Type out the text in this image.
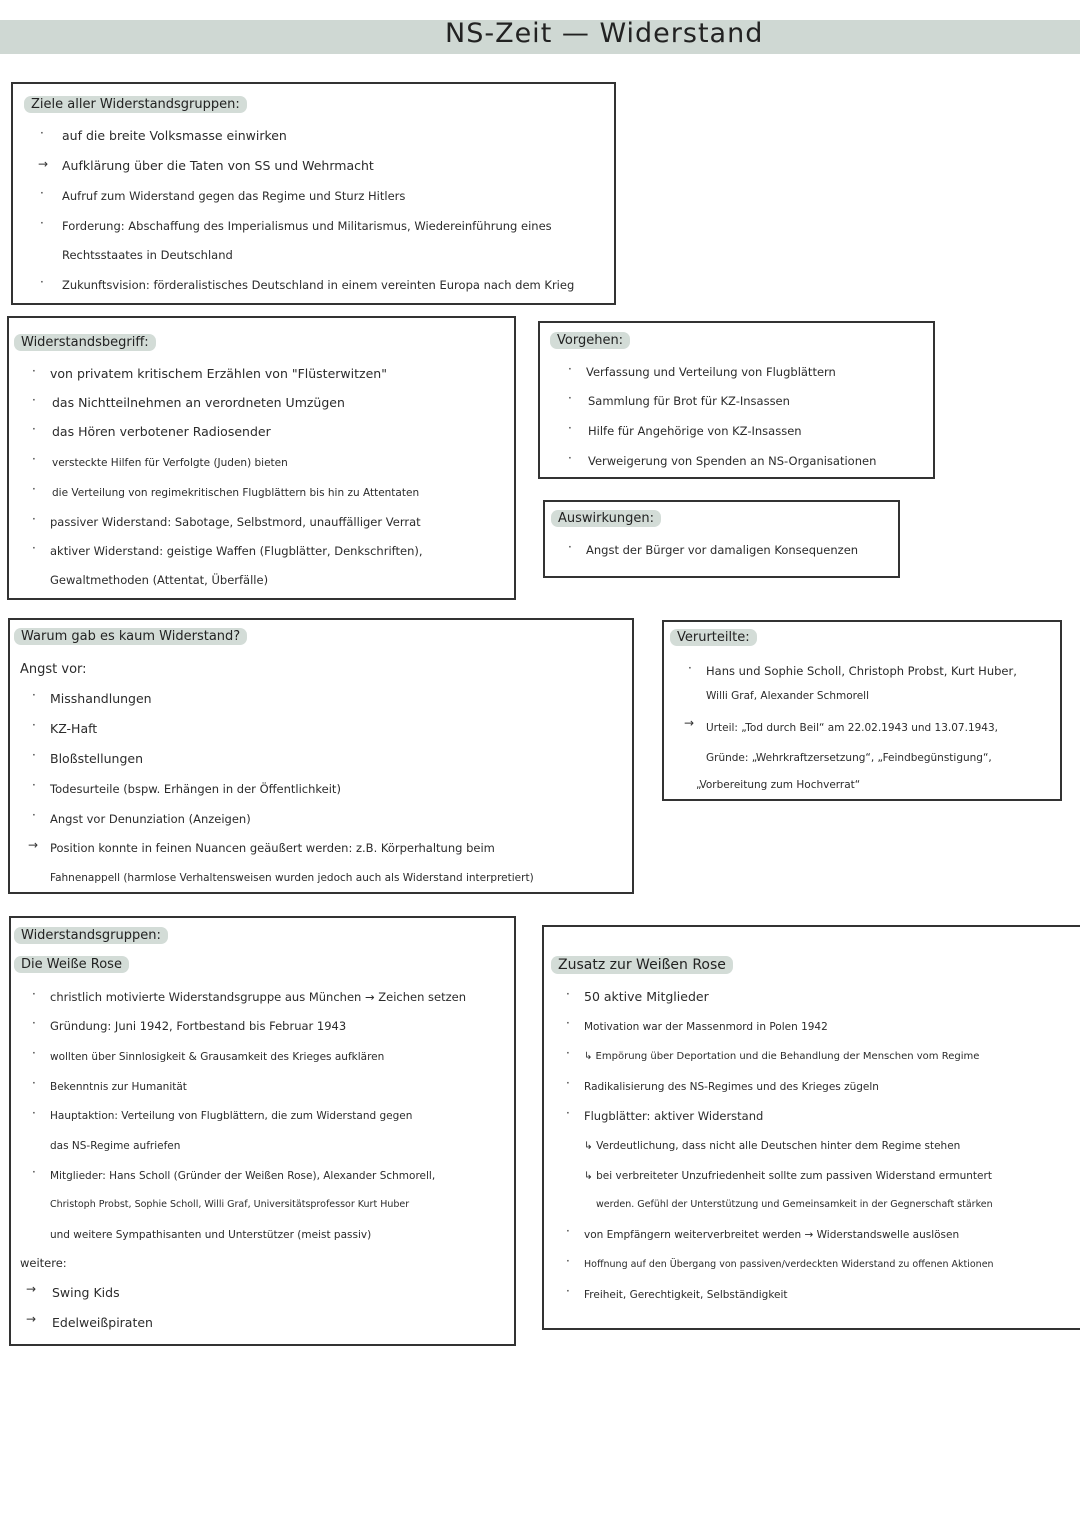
NS-Zeit — Widerstand
Ziele aller Widerstandsgruppen:
· auf die breite Volksmasse einwirken
→ Aufklärung über die Taten von SS und Wehrmacht
· Aufruf zum Widerstand gegen das Regime und Sturz Hitlers
· Forderung: Abschaffung des Imperialismus und Militarismus, Wiedereinführung eines
Rechtsstaates in Deutschland
· Zukunftsvision: förderalistisches Deutschland in einem vereinten Europa nach dem Krieg
Widerstandsbegriff:
· von privatem kritischem Erzählen von "Flüsterwitzen"
· das Nichtteilnehmen an verordneten Umzügen
· das Hören verbotener Radiosender
· versteckte Hilfen für Verfolgte (Juden) bieten
· die Verteilung von regimekritischen Flugblättern bis hin zu Attentaten
· passiver Widerstand: Sabotage, Selbstmord, unauffälliger Verrat
· aktiver Widerstand: geistige Waffen (Flugblätter, Denkschriften),
Gewaltmethoden (Attentat, Überfälle)
Vorgehen:
· Verfassung und Verteilung von Flugblättern
· Sammlung für Brot für KZ-Insassen
· Hilfe für Angehörige von KZ-Insassen
· Verweigerung von Spenden an NS-Organisationen
Auswirkungen:
· Angst der Bürger vor damaligen Konsequenzen
Warum gab es kaum Widerstand?
Angst vor:
· Misshandlungen
· KZ-Haft
· Bloßstellungen
· Todesurteile (bspw. Erhängen in der Öffentlichkeit)
· Angst vor Denunziation (Anzeigen)
→ Position konnte in feinen Nuancen geäußert werden: z.B. Körperhaltung beim
Fahnenappell (harmlose Verhaltensweisen wurden jedoch auch als Widerstand interpretiert)
Verurteilte:
· Hans und Sophie Scholl, Christoph Probst, Kurt Huber,
Willi Graf, Alexander Schmorell
→ Urteil: „Tod durch Beil“ am 22.02.1943 und 13.07.1943,
Gründe: „Wehrkraftzersetzung“, „Feindbegünstigung“,
„Vorbereitung zum Hochverrat“
Widerstandsgruppen:
Die Weiße Rose
· christlich motivierte Widerstandsgruppe aus München → Zeichen setzen
· Gründung: Juni 1942, Fortbestand bis Februar 1943
· wollten über Sinnlosigkeit & Grausamkeit des Krieges aufklären
· Bekenntnis zur Humanität
· Hauptaktion: Verteilung von Flugblättern, die zum Widerstand gegen
das NS-Regime aufriefen
· Mitglieder: Hans Scholl (Gründer der Weißen Rose), Alexander Schmorell,
Christoph Probst, Sophie Scholl, Willi Graf, Universitätsprofessor Kurt Huber
und weitere Sympathisanten und Unterstützer (meist passiv)
weitere:
→ Swing Kids
→ Edelweißpiraten
Zusatz zur Weißen Rose
· 50 aktive Mitglieder
· Motivation war der Massenmord in Polen 1942
· ↳ Empörung über Deportation und die Behandlung der Menschen vom Regime
· Radikalisierung des NS-Regimes und des Krieges zügeln
· Flugblätter: aktiver Widerstand
↳ Verdeutlichung, dass nicht alle Deutschen hinter dem Regime stehen
↳ bei verbreiteter Unzufriedenheit sollte zum passiven Widerstand ermuntert
werden. Gefühl der Unterstützung und Gemeinsamkeit in der Gegnerschaft stärken
· von Empfängern weiterverbreitet werden → Widerstandswelle auslösen
· Hoffnung auf den Übergang von passiven/verdeckten Widerstand zu offenen Aktionen
· Freiheit, Gerechtigkeit, Selbständigkeit
